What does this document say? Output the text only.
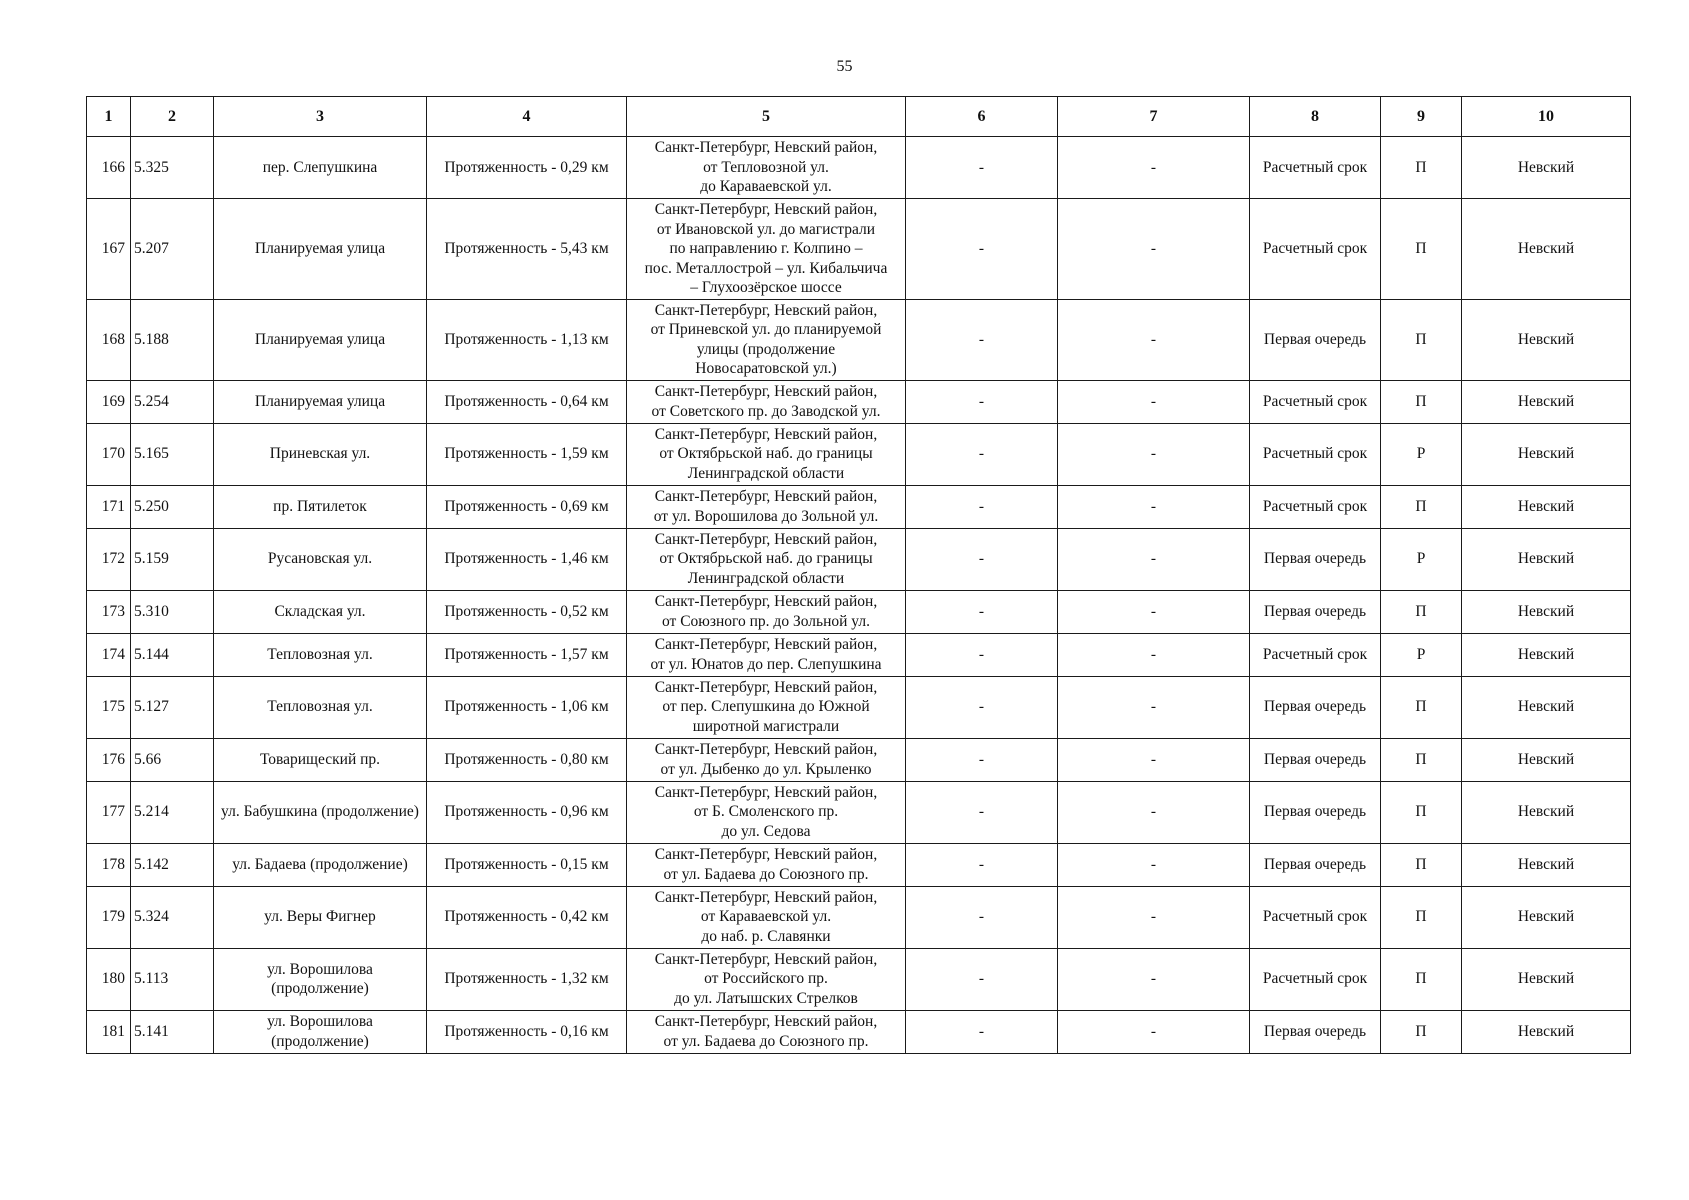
55
1	2	3	4	5	6	7	8	9	10
166	5.325	пер. Слепушкина	Протяженность - 0,29 км	Санкт-Петербург, Невский район,
от Тепловозной ул.
до Караваевской ул.	-	-	Расчетный срок	П	Невский
167	5.207	Планируемая улица	Протяженность - 5,43 км	Санкт-Петербург, Невский район,
от Ивановской ул. до магистрали
по направлению г. Колпино –
пос. Металлострой – ул. Кибальчича
– Глухоозёрское шоссе	-	-	Расчетный срок	П	Невский
168	5.188	Планируемая улица	Протяженность - 1,13 км	Санкт-Петербург, Невский район,
от Приневской ул. до планируемой
улицы (продолжение
Новосаратовской ул.)	-	-	Первая очередь	П	Невский
169	5.254	Планируемая улица	Протяженность - 0,64 км	Санкт-Петербург, Невский район,
от Советского пр. до Заводской ул.	-	-	Расчетный срок	П	Невский
170	5.165	Приневская ул.	Протяженность - 1,59 км	Санкт-Петербург, Невский район,
от Октябрьской наб. до границы
Ленинградской области	-	-	Расчетный срок	Р	Невский
171	5.250	пр. Пятилеток	Протяженность - 0,69 км	Санкт-Петербург, Невский район,
от ул. Ворошилова до Зольной ул.	-	-	Расчетный срок	П	Невский
172	5.159	Русановская ул.	Протяженность - 1,46 км	Санкт-Петербург, Невский район,
от Октябрьской наб. до границы
Ленинградской области	-	-	Первая очередь	Р	Невский
173	5.310	Складская ул.	Протяженность - 0,52 км	Санкт-Петербург, Невский район,
от Союзного пр. до Зольной ул.	-	-	Первая очередь	П	Невский
174	5.144	Тепловозная ул.	Протяженность - 1,57 км	Санкт-Петербург, Невский район,
от ул. Юнатов до пер. Слепушкина	-	-	Расчетный срок	Р	Невский
175	5.127	Тепловозная ул.	Протяженность - 1,06 км	Санкт-Петербург, Невский район,
от пер. Слепушкина до Южной
широтной магистрали	-	-	Первая очередь	П	Невский
176	5.66	Товарищеский пр.	Протяженность - 0,80 км	Санкт-Петербург, Невский район,
от ул. Дыбенко до ул. Крыленко	-	-	Первая очередь	П	Невский
177	5.214	ул. Бабушкина (продолжение)	Протяженность - 0,96 км	Санкт-Петербург, Невский район,
от Б. Смоленского пр.
до ул. Седова	-	-	Первая очередь	П	Невский
178	5.142	ул. Бадаева (продолжение)	Протяженность - 0,15 км	Санкт-Петербург, Невский район,
от ул. Бадаева до Союзного пр.	-	-	Первая очередь	П	Невский
179	5.324	ул. Веры Фигнер	Протяженность - 0,42 км	Санкт-Петербург, Невский район,
от Караваевской ул.
до наб. р. Славянки	-	-	Расчетный срок	П	Невский
180	5.113	ул. Ворошилова (продолжение)	Протяженность - 1,32 км	Санкт-Петербург, Невский район,
от Российского пр.
до ул. Латышских Стрелков	-	-	Расчетный срок	П	Невский
181	5.141	ул. Ворошилова (продолжение)	Протяженность - 0,16 км	Санкт-Петербург, Невский район,
от ул. Бадаева до Союзного пр.	-	-	Первая очередь	П	Невский
